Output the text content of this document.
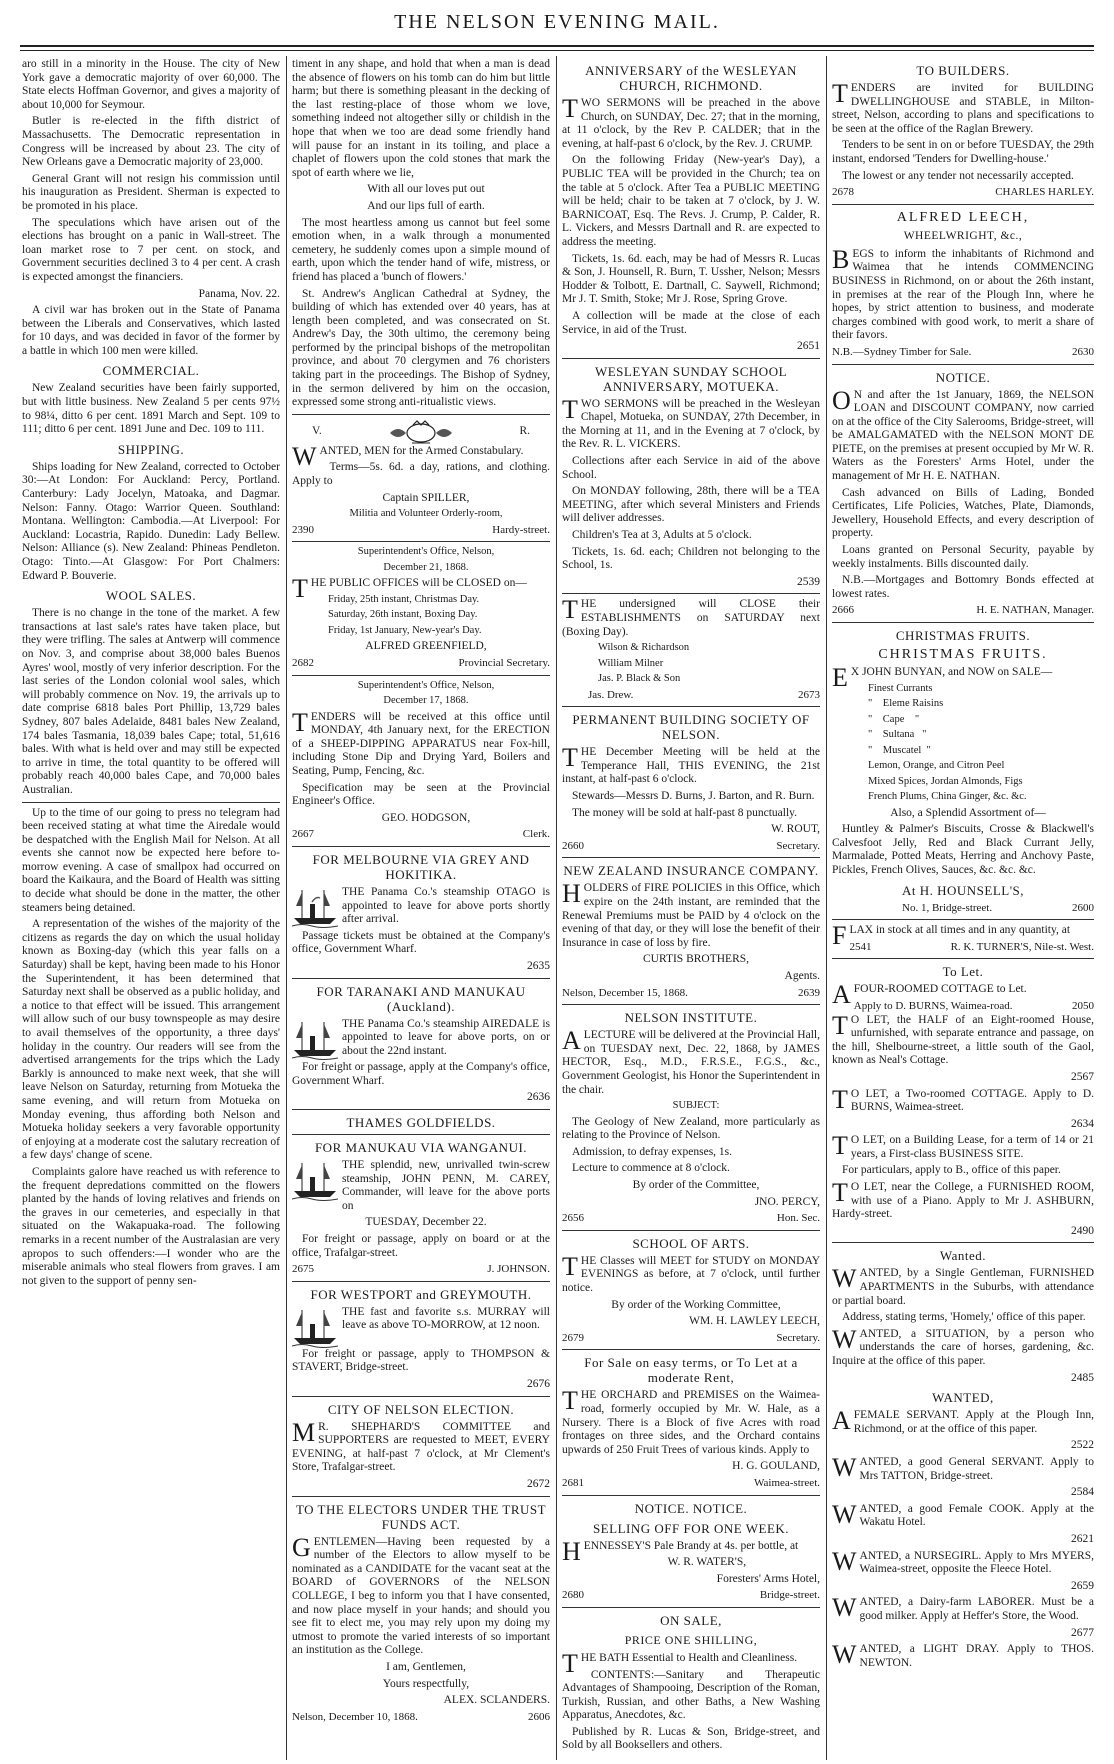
THE NELSON EVENING MAIL.

aro still in a minority in the House. The city of New York gave a democratic majority of over 60,000. The State elects Hoffman Governor, and gives a majority of about 10,000 for Seymour.

Butler is re-elected in the fifth district of Massachusetts. The Democratic representation in Congress will be increased by about 23. The city of New Orleans gave a Democratic majority of 23,000.

General Grant will not resign his commission until his inauguration as President. Sherman is expected to be promoted in his place.

The speculations which have arisen out of the elections has brought on a panic in Wall-street. The loan market rose to 7 per cent. on stock, and Government securities declined 3 to 4 per cent. A crash is expected amongst the financiers.

Panama, Nov. 22.

A civil war has broken out in the State of Panama between the Liberals and Conservatives, which lasted for 10 days, and was decided in favor of the former by a battle in which 100 men were killed.

COMMERCIAL.

New Zealand securities have been fairly supported, but with little business. New Zealand 5 per cents 97½ to 98¼, ditto 6 per cent. 1891 March and Sept. 109 to 111; ditto 6 per cent. 1891 June and Dec. 109 to 111.

SHIPPING.

Ships loading for New Zealand, corrected to October 30:—At London: For Auckland: Percy, Portland. Canterbury: Lady Jocelyn, Matoaka, and Dagmar. Nelson: Fanny. Otago: Warrior Queen. Southland: Montana. Wellington: Cambodia.—At Liverpool: For Auckland: Locastria, Rapido. Dunedin: Lady Bellew. Nelson: Alliance (s). New Zealand: Phineas Pendleton. Otago: Tinto.—At Glasgow: For Port Chalmers: Edward P. Bouverie.

WOOL SALES.

There is no change in the tone of the market. A few transactions at last sale's rates have taken place, but they were trifling. The sales at Antwerp will commence on Nov. 3, and comprise about 38,000 bales Buenos Ayres' wool, mostly of very inferior description. For the last series of the London colonial wool sales, which will probably commence on Nov. 19, the arrivals up to date comprise 6818 bales Port Phillip, 13,729 bales Sydney, 807 bales Adelaide, 8481 bales New Zealand, 174 bales Tasmania, 18,039 bales Cape; total, 51,616 bales. With what is held over and may still be expected to arrive in time, the total quantity to be offered will probably reach 40,000 bales Cape, and 70,000 bales Australian.

Up to the time of our going to press no telegram had been received stating at what time the Airedale would be despatched with the English Mail for Nelson. At all events she cannot now be expected here before to-morrow evening. A case of smallpox had occurred on board the Kaikaura, and the Board of Health was sitting to decide what should be done in the matter, the other steamers being detained.

A representation of the wishes of the majority of the citizens as regards the day on which the usual holiday known as Boxing-day (which this year falls on a Saturday) shall be kept, having been made to his Honor the Superintendent, it has been determined that Saturday next shall be observed as a public holiday, and a notice to that effect will be issued. This arrangement will allow such of our busy townspeople as may desire to avail themselves of the opportunity, a three days' holiday in the country. Our readers will see from the advertised arrangements for the trips which the Lady Barkly is announced to make next week, that she will leave Nelson on Saturday, returning from Motueka the same evening, and will return from Motueka on Monday evening, thus affording both Nelson and Motueka holiday seekers a very favorable opportunity of enjoying at a moderate cost the salutary recreation of a few days' change of scene.

Complaints galore have reached us with reference to the frequent depredations committed on the flowers planted by the hands of loving relatives and friends on the graves in our cemeteries, and especially in that situated on the Wakapuaka-road. The following remarks in a recent number of the Australasian are very apropos to such offenders:—I wonder who are the miserable animals who steal flowers from graves. I am not given to the support of penny sen-

timent in any shape, and hold that when a man is dead the absence of flowers on his tomb can do him but little harm; but there is something pleasant in the decking of the last resting-place of those whom we love, something indeed not altogether silly or childish in the hope that when we too are dead some friendly hand will pause for an instant in its toiling, and place a chaplet of flowers upon the cold stones that mark the spot of earth where we lie,

With all our loves put out

And our lips full of earth.

The most heartless among us cannot but feel some emotion when, in a walk through a monumented cemetery, he suddenly comes upon a simple mound of earth, upon which the tender hand of wife, mistress, or friend has placed a 'bunch of flowers.'

St. Andrew's Anglican Cathedral at Sydney, the building of which has extended over 40 years, has at length been completed, and was consecrated on St. Andrew's Day, the 30th ultimo, the ceremony being performed by the principal bishops of the metropolitan province, and about 70 clergymen and 76 choristers taking part in the proceedings. The Bishop of Sydney, in the sermon delivered by him on the occasion, expressed some strong anti-ritualistic views.

V.	R.

WANTED, MEN for the Armed Constabulary.

Terms—5s. 6d. a day, rations, and clothing. Apply to

Captain SPILLER,

Militia and Volunteer Orderly-room,

2390	Hardy-street.

Superintendent's Office, Nelson,

December 21, 1868.

THE PUBLIC OFFICES will be CLOSED on—

Friday, 25th instant, Christmas Day.

Saturday, 26th instant, Boxing Day.

Friday, 1st January, New-year's Day.

ALFRED GREENFIELD,

2682	Provincial Secretary.

Superintendent's Office, Nelson,

December 17, 1868.

TENDERS will be received at this office until MONDAY, 4th January next, for the ERECTION of a SHEEP-DIPPING APPARATUS near Fox-hill, including Stone Dip and Drying Yard, Boilers and Seating, Pump, Fencing, &c.

Specification may be seen at the Provincial Engineer's Office.

GEO. HODGSON,

2667	Clerk.
FOR MELBOURNE VIA GREY AND HOKITIKA.

THE Panama Co.'s steamship OTAGO is appointed to leave for above ports shortly after arrival.

Passage tickets must be obtained at the Company's office, Government Wharf.

2635

FOR TARANAKI AND MANUKAU (Auckland).

THE Panama Co.'s steamship AIREDALE is appointed to leave for above ports, on or about the 22nd instant.

For freight or passage, apply at the Company's office, Government Wharf.

2636

THAMES GOLDFIELDS.
FOR MANUKAU VIA WANGANUI.

THE splendid, new, unrivalled twin-screw steamship, JOHN PENN, M. CAREY, Commander, will leave for the above ports on

TUESDAY, December 22.

For freight or passage, apply on board or at the office, Trafalgar-street.

2675	J. JOHNSON.
FOR WESTPORT and GREYMOUTH.

THE fast and favorite s.s. MURRAY will leave as above TO-MORROW, at 12 noon.

For freight or passage, apply to THOMPSON & STAVERT, Bridge-street.

2676

CITY OF NELSON ELECTION.

MR. SHEPHARD'S COMMITTEE and SUPPORTERS are requested to MEET, EVERY EVENING, at half-past 7 o'clock, at Mr Clement's Store, Trafalgar-street.

2672

TO THE ELECTORS UNDER THE TRUST FUNDS ACT.

GENTLEMEN—Having been requested by a number of the Electors to allow myself to be nominated as a CANDIDATE for the vacant seat at the BOARD of GOVERNORS of the NELSON COLLEGE, I beg to inform you that I have consented, and now place myself in your hands; and should you see fit to elect me, you may rely upon my doing my utmost to promote the varied interests of so important an institution as the College.

I am, Gentlemen,

Yours respectfully,

ALEX. SCLANDERS.

Nelson, December 10, 1868.	2606
ANNIVERSARY of the WESLEYAN CHURCH, RICHMOND.

TWO SERMONS will be preached in the above Church, on SUNDAY, Dec. 27; that in the morning, at 11 o'clock, by the Rev P. CALDER; that in the evening, at half-past 6 o'clock, by the Rev. J. CRUMP.

On the following Friday (New-year's Day), a PUBLIC TEA will be provided in the Church; tea on the table at 5 o'clock. After Tea a PUBLIC MEETING will be held; chair to be taken at 7 o'clock, by J. W. BARNICOAT, Esq. The Revs. J. Crump, P. Calder, R. L. Vickers, and Messrs Dartnall and R. are expected to address the meeting.

Tickets, 1s. 6d. each, may be had of Messrs R. Lucas & Son, J. Hounsell, R. Burn, T. Ussher, Nelson; Messrs Hodder & Tolbott, E. Dartnall, C. Saywell, Richmond; Mr J. T. Smith, Stoke; Mr J. Rose, Spring Grove.

A collection will be made at the close of each Service, in aid of the Trust.

2651

WESLEYAN SUNDAY SCHOOL ANNIVERSARY, MOTUEKA.

TWO SERMONS will be preached in the Wesleyan Chapel, Motueka, on SUNDAY, 27th December, in the Morning at 11, and in the Evening at 7 o'clock, by the Rev. R. L. VICKERS.

Collections after each Service in aid of the above School.

On MONDAY following, 28th, there will be a TEA MEETING, after which several Ministers and Friends will deliver addresses.

Children's Tea at 3, Adults at 5 o'clock.

Tickets, 1s. 6d. each; Children not belonging to the School, 1s.

2539

THE undersigned will CLOSE their ESTABLISHMENTS on SATURDAY next (Boxing Day).

Wilson & Richardson

William Milner

Jas. P. Black & Son

Jas. Drew.	2673
PERMANENT BUILDING SOCIETY OF NELSON.

THE December Meeting will be held at the Temperance Hall, THIS EVENING, the 21st instant, at half-past 6 o'clock.

Stewards—Messrs D. Burns, J. Barton, and R. Burn.

The money will be sold at half-past 8 punctually.

W. ROUT,

2660	Secretary.
NEW ZEALAND INSURANCE COMPANY.

HOLDERS of FIRE POLICIES in this Office, which expire on the 24th instant, are reminded that the Renewal Premiums must be PAID by 4 o'clock on the evening of that day, or they will lose the benefit of their Insurance in case of loss by fire.

CURTIS BROTHERS,

Agents.

Nelson, December 15, 1868.	2639
NELSON INSTITUTE.

ALECTURE will be delivered at the Provincial Hall, on TUESDAY next, Dec. 22, 1868, by JAMES HECTOR, Esq., M.D., F.R.S.E., F.G.S., &c., Government Geologist, his Honor the Superintendent in the chair.

SUBJECT:

The Geology of New Zealand, more particularly as relating to the Province of Nelson.

Admission, to defray expenses, 1s.

Lecture to commence at 8 o'clock.

By order of the Committee,

JNO. PERCY,

2656	Hon. Sec.
SCHOOL OF ARTS.

THE Classes will MEET for STUDY on MONDAY EVENINGS as before, at 7 o'clock, until further notice.

By order of the Working Committee,

WM. H. LAWLEY LEECH,

2679	Secretary.
For Sale on easy terms, or To Let at a moderate Rent,

THE ORCHARD and PREMISES on the Waimea-road, formerly occupied by Mr. W. Hale, as a Nursery. There is a Block of five Acres with road frontages on three sides, and the Orchard contains upwards of 250 Fruit Trees of various kinds. Apply to

H. G. GOULAND,

2681	Waimea-street.
NOTICE. NOTICE.
SELLING OFF FOR ONE WEEK.

HENNESSEY'S Pale Brandy at 4s. per bottle, at

W. R. WATER'S,

Foresters' Arms Hotel,

2680	Bridge-street.
ON SALE,
PRICE ONE SHILLING,

THE BATH Essential to Health and Cleanliness.

CONTENTS:—Sanitary and Therapeutic Advantages of Shampooing, Description of the Roman, Turkish, Russian, and other Baths, a New Washing Apparatus, Anecdotes, &c.

Published by R. Lucas & Son, Bridge-street, and Sold by all Booksellers and others.

TO BUILDERS.

TENDERS are invited for BUILDING DWELLINGHOUSE and STABLE, in Milton-street, Nelson, according to plans and specifications to be seen at the office of the Raglan Brewery.

Tenders to be sent in on or before TUESDAY, the 29th instant, endorsed 'Tenders for Dwelling-house.'

The lowest or any tender not necessarily accepted.

2678	CHARLES HARLEY.
ALFRED LEECH,
WHEELWRIGHT, &c.,

BEGS to inform the inhabitants of Richmond and Waimea that he intends COMMENCING BUSINESS in Richmond, on or about the 26th instant, in premises at the rear of the Plough Inn, where he hopes, by strict attention to business, and moderate charges combined with good work, to merit a share of their favors.

N.B.—Sydney Timber for Sale.	2630
NOTICE.

ON and after the 1st January, 1869, the NELSON LOAN and DISCOUNT COMPANY, now carried on at the office of the City Salerooms, Bridge-street, will be AMALGAMATED with the NELSON MONT DE PIETE, on the premises at present occupied by Mr W. R. Waters as the Foresters' Arms Hotel, under the management of Mr H. E. NATHAN.

Cash advanced on Bills of Lading, Bonded Certificates, Life Policies, Watches, Plate, Diamonds, Jewellery, Household Effects, and every description of property.

Loans granted on Personal Security, payable by weekly instalments. Bills discounted daily.

N.B.—Mortgages and Bottomry Bonds effected at lowest rates.

2666	H. E. NATHAN, Manager.
CHRISTMAS FRUITS.
CHRISTMAS FRUITS.

EX JOHN BUNYAN, and NOW on SALE—

Finest Currants

"    Eleme Raisins

"    Cape    "

"    Sultana   "

"    Muscatel  "

Lemon, Orange, and Citron Peel

Mixed Spices, Jordan Almonds, Figs

French Plums, China Ginger, &c. &c.

Also, a Splendid Assortment of—

Huntley & Palmer's Biscuits, Crosse & Blackwell's Calvesfoot Jelly, Red and Black Currant Jelly, Marmalade, Potted Meats, Herring and Anchovy Paste, Pickles, French Olives, Sauces, &c. &c. &c.

At H. HOUNSELL'S,
No. 1, Bridge-street.	2600

FLAX in stock at all times and in any quantity, at

2541	R. K. TURNER'S, Nile-st. West.
To Let.

AFOUR-ROOMED COTTAGE to Let.

Apply to D. BURNS, Waimea-road.	2050

TO LET, the HALF of an Eight-roomed House, unfurnished, with separate entrance and passage, on the hill, Shelbourne-street, a little south of the Gaol, known as Neal's Cottage.

2567

TO LET, a Two-roomed COTTAGE. Apply to D. BURNS, Waimea-street.

2634

TO LET, on a Building Lease, for a term of 14 or 21 years, a First-class BUSINESS SITE.

For particulars, apply to B., office of this paper.

TO LET, near the College, a FURNISHED ROOM, with use of a Piano. Apply to Mr J. ASHBURN, Hardy-street.

2490

Wanted.

WANTED, by a Single Gentleman, FURNISHED APARTMENTS in the Suburbs, with attendance or partial board.

Address, stating terms, 'Homely,' office of this paper.

WANTED, a SITUATION, by a person who understands the care of horses, gardening, &c. Inquire at the office of this paper.

2485

WANTED,

AFEMALE SERVANT. Apply at the Plough Inn, Richmond, or at the office of this paper.

2522

WANTED, a good General SERVANT. Apply to Mrs TATTON, Bridge-street.

2584

WANTED, a good Female COOK. Apply at the Wakatu Hotel.

2621

WANTED, a NURSEGIRL. Apply to Mrs MYERS, Waimea-street, opposite the Fleece Hotel.

2659

WANTED, a Dairy-farm LABORER. Must be a good milker. Apply at Heffer's Store, the Wood.

2677

WANTED, a LIGHT DRAY. Apply to THOS. NEWTON.
